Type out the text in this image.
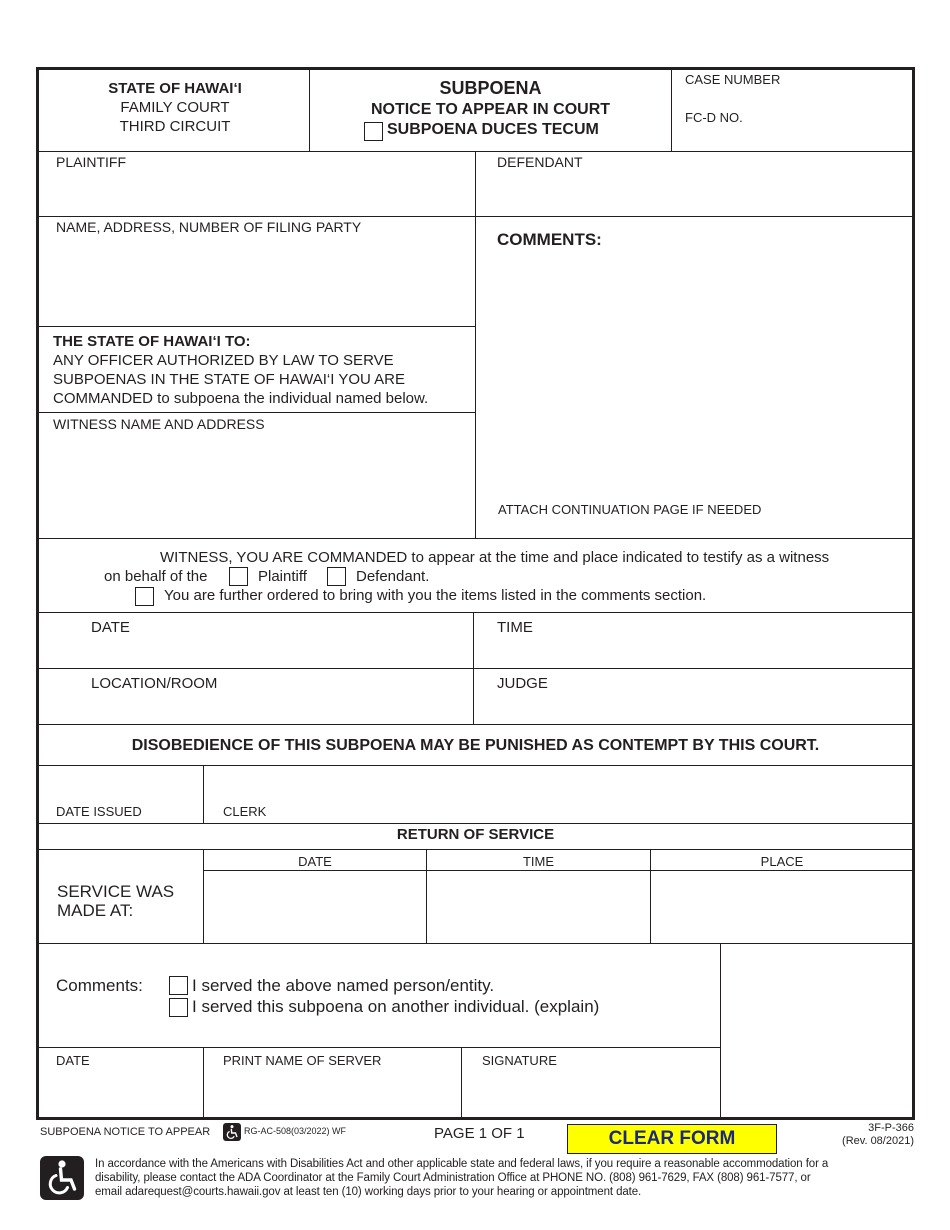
STATE OF HAWAI‘I
FAMILY COURT
THIRD CIRCUIT
SUBPOENA
NOTICE TO APPEAR IN COURT
SUBPOENA DUCES TECUM
CASE NUMBER
FC-D NO.
PLAINTIFF	DEFENDANT
NAME, ADDRESS, NUMBER OF FILING PARTY
COMMENTS:
ATTACH CONTINUATION PAGE IF NEEDED
THE STATE OF HAWAI‘I TO:
ANY OFFICER AUTHORIZED BY LAW TO SERVE
SUBPOENAS IN THE STATE OF HAWAI‘I YOU ARE
COMMANDED to subpoena the individual named below.
WITNESS NAME AND ADDRESS
WITNESS, YOU ARE COMMANDED to appear at the time and place indicated to testify as a witness
on behalf of the	Plaintiff	Defendant.
You are further ordered to bring with you the items listed in the comments section.
DATE	TIME
LOCATION/ROOM	JUDGE
DISOBEDIENCE OF THIS SUBPOENA MAY BE PUNISHED AS CONTEMPT BY THIS COURT.
DATE ISSUED	CLERK
RETURN OF SERVICE
DATE	TIME	PLACE
SERVICE WAS
MADE AT:
Comments:	I served the above named person/entity.
I served this subpoena on another individual. (explain)
DATE	PRINT NAME OF SERVER	SIGNATURE
SUBPOENA NOTICE TO APPEAR	RG-AC-508(03/2022) WF	PAGE 1 OF 1	CLEAR FORM	3F-P-366
(Rev. 08/2021)
In accordance with the Americans with Disabilities Act and other applicable state and federal laws, if you require a reasonable accommodation for a
disability, please contact the ADA Coordinator at the Family Court Administration Office at PHONE NO. (808) 961-7629, FAX (808) 961-7577, or
email adarequest@courts.hawaii.gov at least ten (10) working days prior to your hearing or appointment date.
